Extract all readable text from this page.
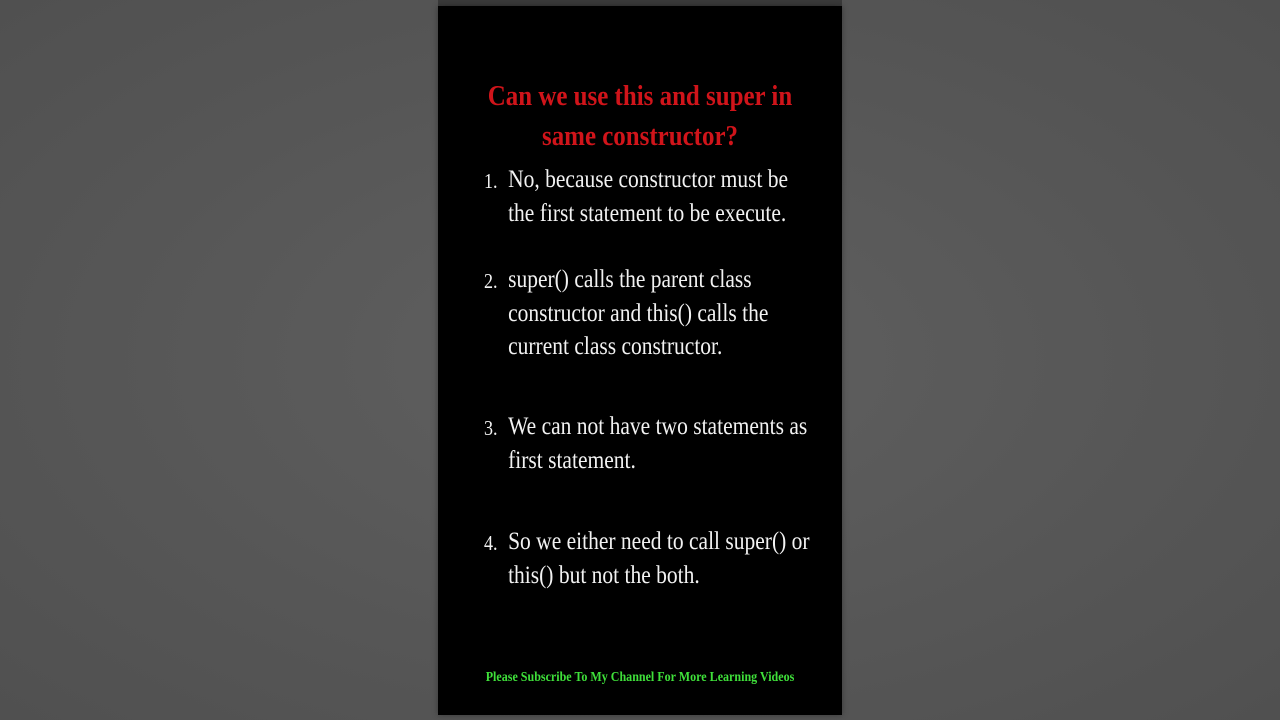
Can we use this and super in
same constructor?
1. No, because constructor must be
the first statement to be execute.
2. super() calls the parent class
constructor and this() calls the
current class constructor.
3. We can not have two statements as
first statement.
4. So we either need to call super() or
this() but not the both.
Please Subscribe To My Channel For More Learning Videos
